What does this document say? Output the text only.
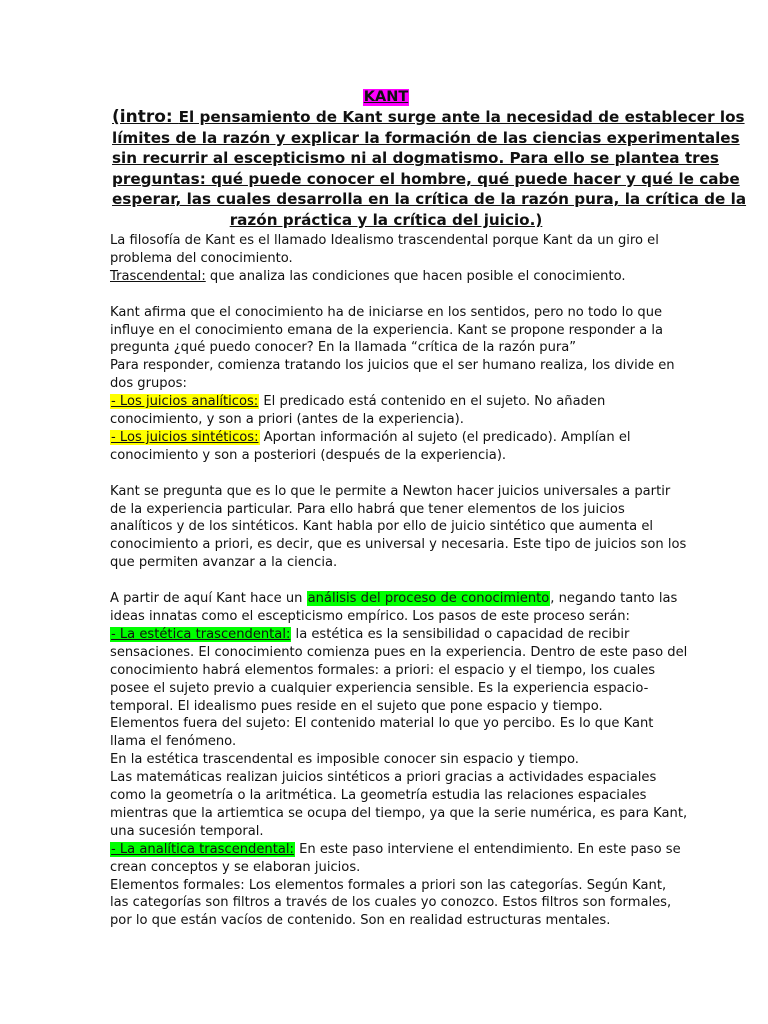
KANT
(intro: El pensamiento de Kant surge ante la necesidad de establecer los
límites de la razón y explicar la formación de las ciencias experimentales
sin recurrir al escepticismo ni al dogmatismo. Para ello se plantea tres
preguntas: qué puede conocer el hombre, qué puede hacer y qué le cabe
esperar, las cuales desarrolla en la crítica de la razón pura, la crítica de la
razón práctica y la crítica del juicio.)
La filosofía de Kant es el llamado Idealismo trascendental porque Kant da un giro el
problema del conocimiento.
Trascendental: que analiza las condiciones que hacen posible el conocimiento.
Kant afirma que el conocimiento ha de iniciarse en los sentidos, pero no todo lo que
influye en el conocimiento emana de la experiencia. Kant se propone responder a la
pregunta ¿qué puedo conocer? En la llamada “crítica de la razón pura”
Para responder, comienza tratando los juicios que el ser humano realiza, los divide en
dos grupos:
- Los juicios analíticos: El predicado está contenido en el sujeto. No añaden
conocimiento, y son a priori (antes de la experiencia).
- Los juicios sintéticos: Aportan información al sujeto (el predicado). Amplían el
conocimiento y son a posteriori (después de la experiencia).
Kant se pregunta que es lo que le permite a Newton hacer juicios universales a partir
de la experiencia particular. Para ello habrá que tener elementos de los juicios
analíticos y de los sintéticos. Kant habla por ello de juicio sintético que aumenta el
conocimiento a priori, es decir, que es universal y necesaria. Este tipo de juicios son los
que permiten avanzar a la ciencia.
A partir de aquí Kant hace un análisis del proceso de conocimiento, negando tanto las
ideas innatas como el escepticismo empírico. Los pasos de este proceso serán:
- La estética trascendental: la estética es la sensibilidad o capacidad de recibir
sensaciones. El conocimiento comienza pues en la experiencia. Dentro de este paso del
conocimiento habrá elementos formales: a priori: el espacio y el tiempo, los cuales
posee el sujeto previo a cualquier experiencia sensible. Es la experiencia espacio-
temporal. El idealismo pues reside en el sujeto que pone espacio y tiempo.
Elementos fuera del sujeto: El contenido material lo que yo percibo. Es lo que Kant
llama el fenómeno.
En la estética trascendental es imposible conocer sin espacio y tiempo.
Las matemáticas realizan juicios sintéticos a priori gracias a actividades espaciales
como la geometría o la aritmética. La geometría estudia las relaciones espaciales
mientras que la artiemtica se ocupa del tiempo, ya que la serie numérica, es para Kant,
una sucesión temporal.
- La analítica trascendental: En este paso interviene el entendimiento. En este paso se
crean conceptos y se elaboran juicios.
Elementos formales: Los elementos formales a priori son las categorías. Según Kant,
las categorías son filtros a través de los cuales yo conozco. Estos filtros son formales,
por lo que están vacíos de contenido. Son en realidad estructuras mentales.
